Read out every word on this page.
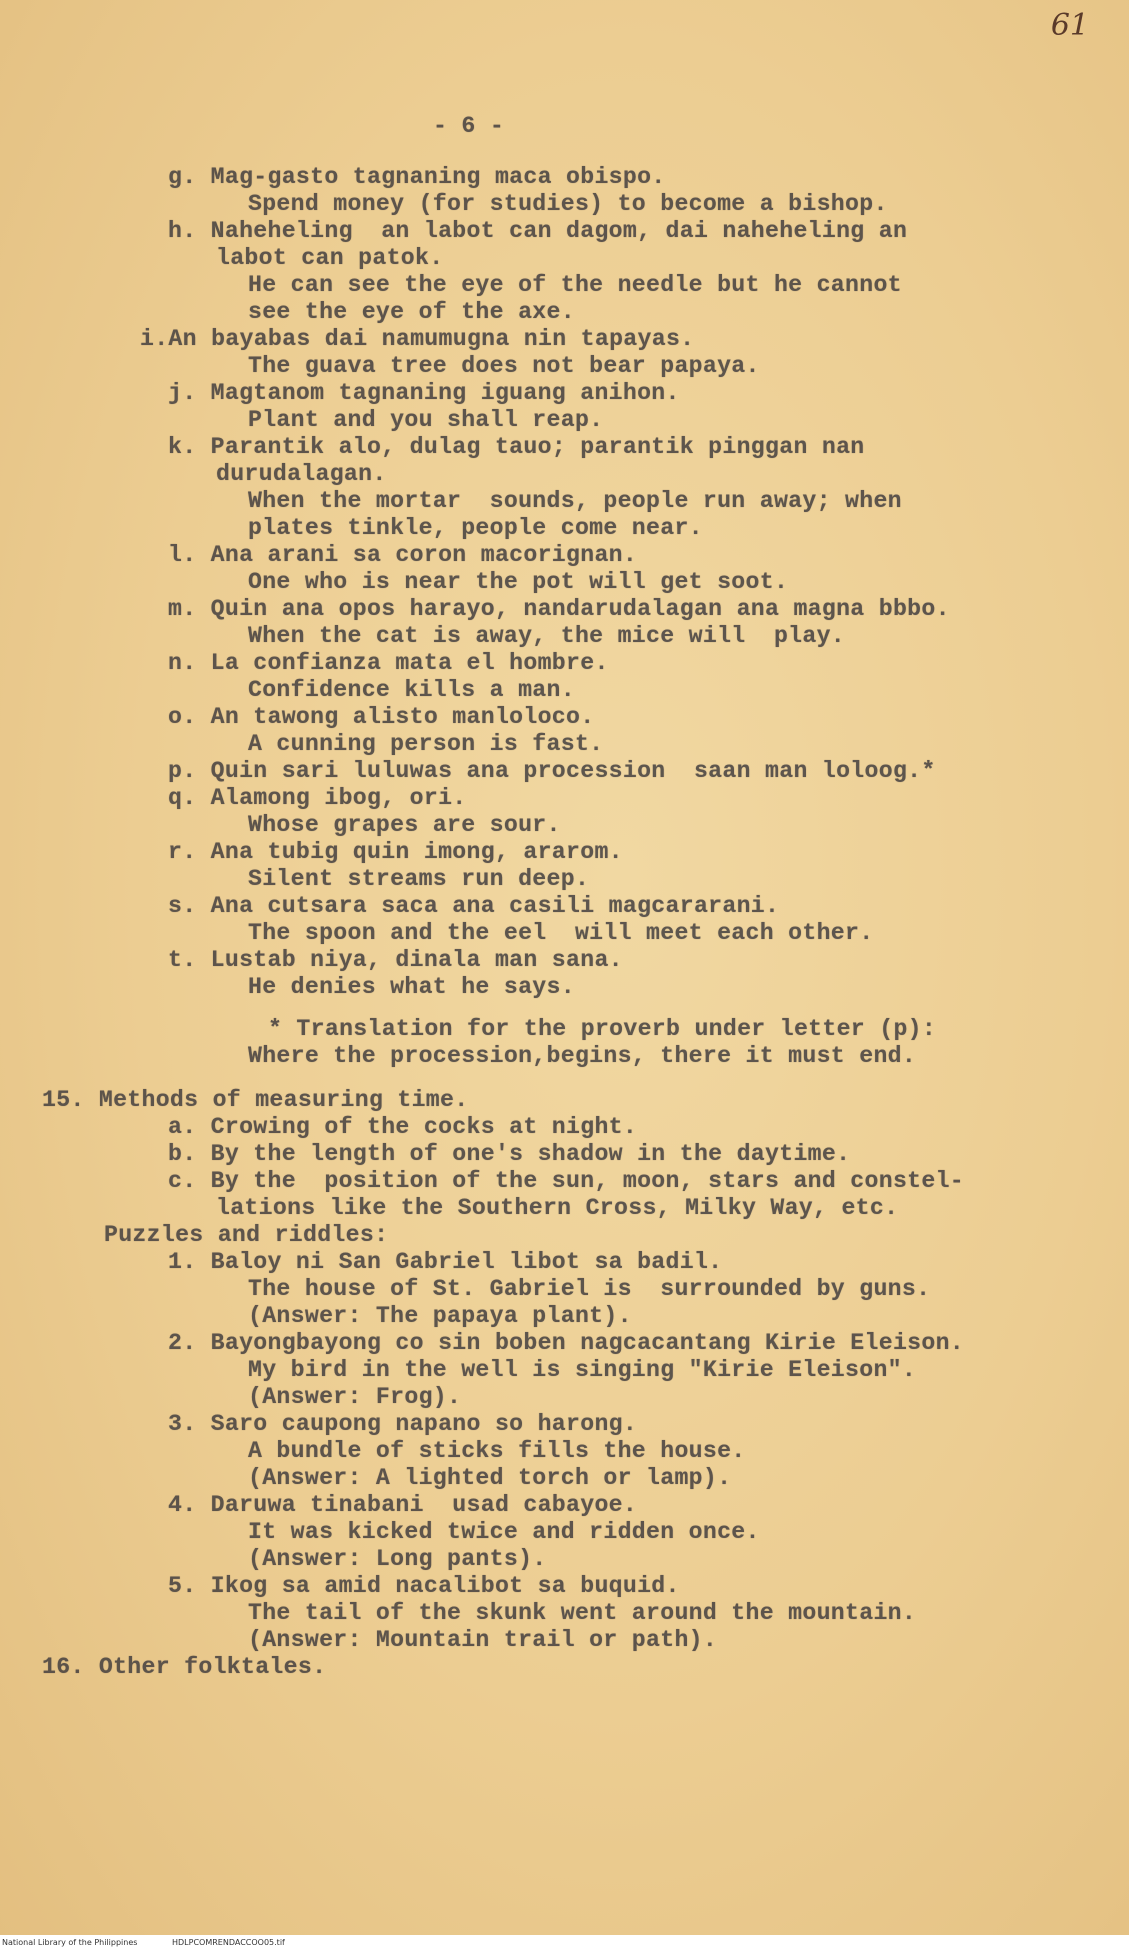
61
- 6 -
g. Mag-gasto tagnaning maca obispo.
Spend money (for studies) to become a bishop.
h. Naheheling  an labot can dagom, dai naheheling an
labot can patok.
He can see the eye of the needle but he cannot
see the eye of the axe.
i.An bayabas dai namumugna nin tapayas.
The guava tree does not bear papaya.
j. Magtanom tagnaning iguang anihon.
Plant and you shall reap.
k. Parantik alo, dulag tauo; parantik pinggan nan
durudalagan.
When the mortar  sounds, people run away; when
plates tinkle, people come near.
l. Ana arani sa coron macorignan.
One who is near the pot will get soot.
m. Quin ana opos harayo, nandarudalagan ana magna bbbo.
When the cat is away, the mice will  play.
n. La confianza mata el hombre.
Confidence kills a man.
o. An tawong alisto manloloco.
A cunning person is fast.
p. Quin sari luluwas ana procession  saan man loloog.*
q. Alamong ibog, ori.
Whose grapes are sour.
r. Ana tubig quin imong, ararom.
Silent streams run deep.
s. Ana cutsara saca ana casili magcararani.
The spoon and the eel  will meet each other.
t. Lustab niya, dinala man sana.
He denies what he says.
* Translation for the proverb under letter (p):
Where the procession,begins, there it must end.
15. Methods of measuring time.
a. Crowing of the cocks at night.
b. By the length of one's shadow in the daytime.
c. By the  position of the sun, moon, stars and constel-
lations like the Southern Cross, Milky Way, etc.
Puzzles and riddles:
1. Baloy ni San Gabriel libot sa badil.
The house of St. Gabriel is  surrounded by guns.
(Answer: The papaya plant).
2. Bayongbayong co sin boben nagcacantang Kirie Eleison.
My bird in the well is singing "Kirie Eleison".
(Answer: Frog).
3. Saro caupong napano so harong.
A bundle of sticks fills the house.
(Answer: A lighted torch or lamp).
4. Daruwa tinabani  usad cabayoe.
It was kicked twice and ridden once.
(Answer: Long pants).
5. Ikog sa amid nacalibot sa buquid.
The tail of the skunk went around the mountain.
(Answer: Mountain trail or path).
16. Other folktales.
National Library of the Philippines	HDLPCOMRENDACCOO05.tif
